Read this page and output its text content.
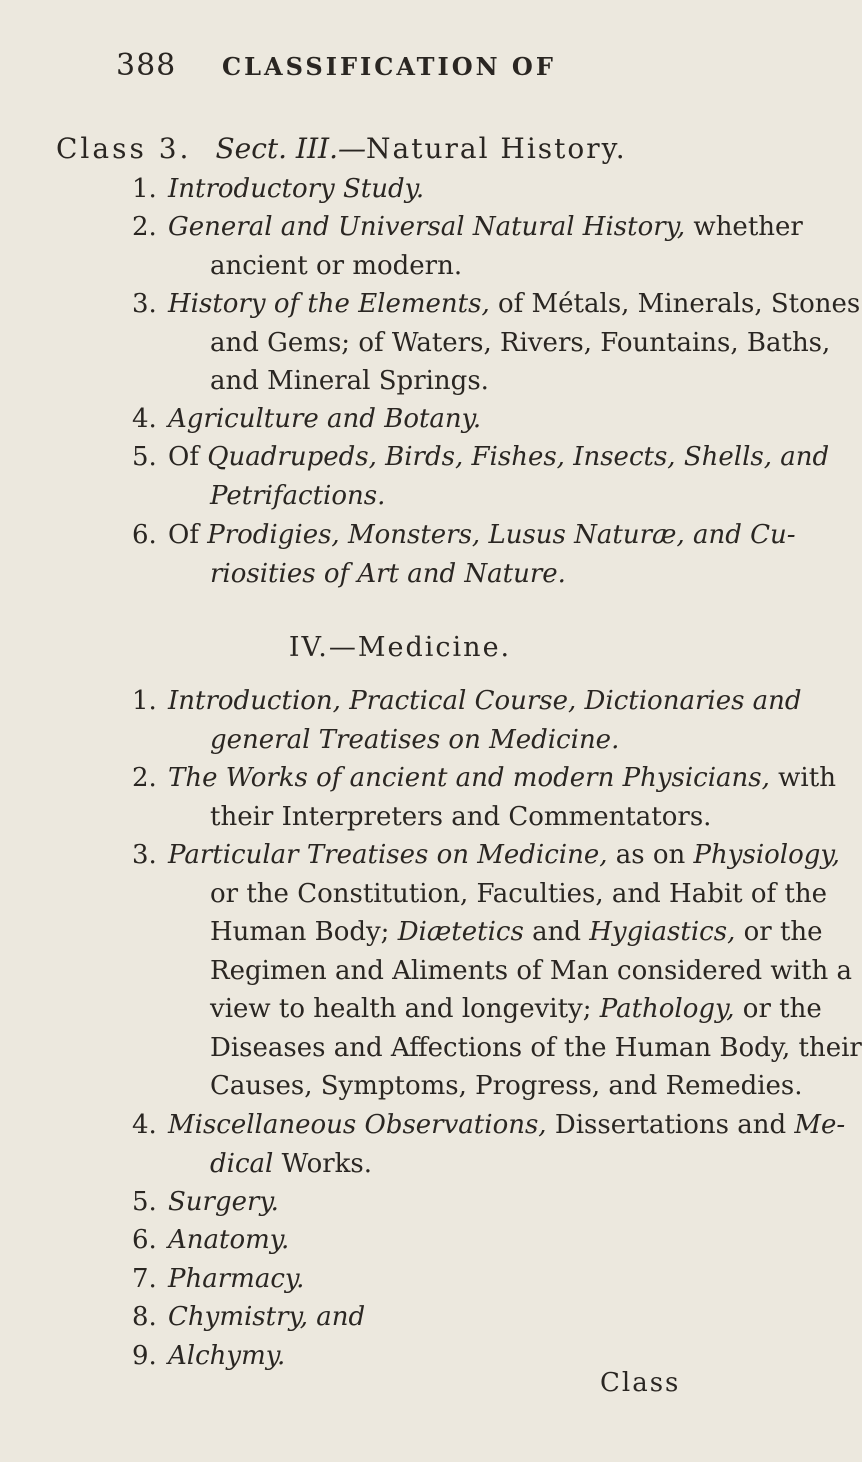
388 CLASSIFICATION OF
Class 3. Sect. III.—Natural History.
1. Introductory Study.
2. General and Universal Natural History, whether
ancient or modern.
3. History of the Elements, of Métals, Minerals, Stones
and Gems; of Waters, Rivers, Fountains, Baths,
and Mineral Springs.
4. Agriculture and Botany.
5. Of Quadrupeds, Birds, Fishes, Insects, Shells, and
Petrifactions.
6. Of Prodigies, Monsters, Lusus Naturæ, and Cu-
riosities of Art and Nature.
IV.—Medicine.
1. Introduction, Practical Course, Dictionaries and
general Treatises on Medicine.
2. The Works of ancient and modern Physicians, with
their Interpreters and Commentators.
3. Particular Treatises on Medicine, as on Physiology,
or the Constitution, Faculties, and Habit of the
Human Body; Diætetics and Hygiastics, or the
Regimen and Aliments of Man considered with a
view to health and longevity; Pathology, or the
Diseases and Affections of the Human Body, their
Causes, Symptoms, Progress, and Remedies.
4. Miscellaneous Observations, Dissertations and Me-
dical Works.
5. Surgery.
6. Anatomy.
7. Pharmacy.
8. Chymistry, and
9. Alchymy.
Class
